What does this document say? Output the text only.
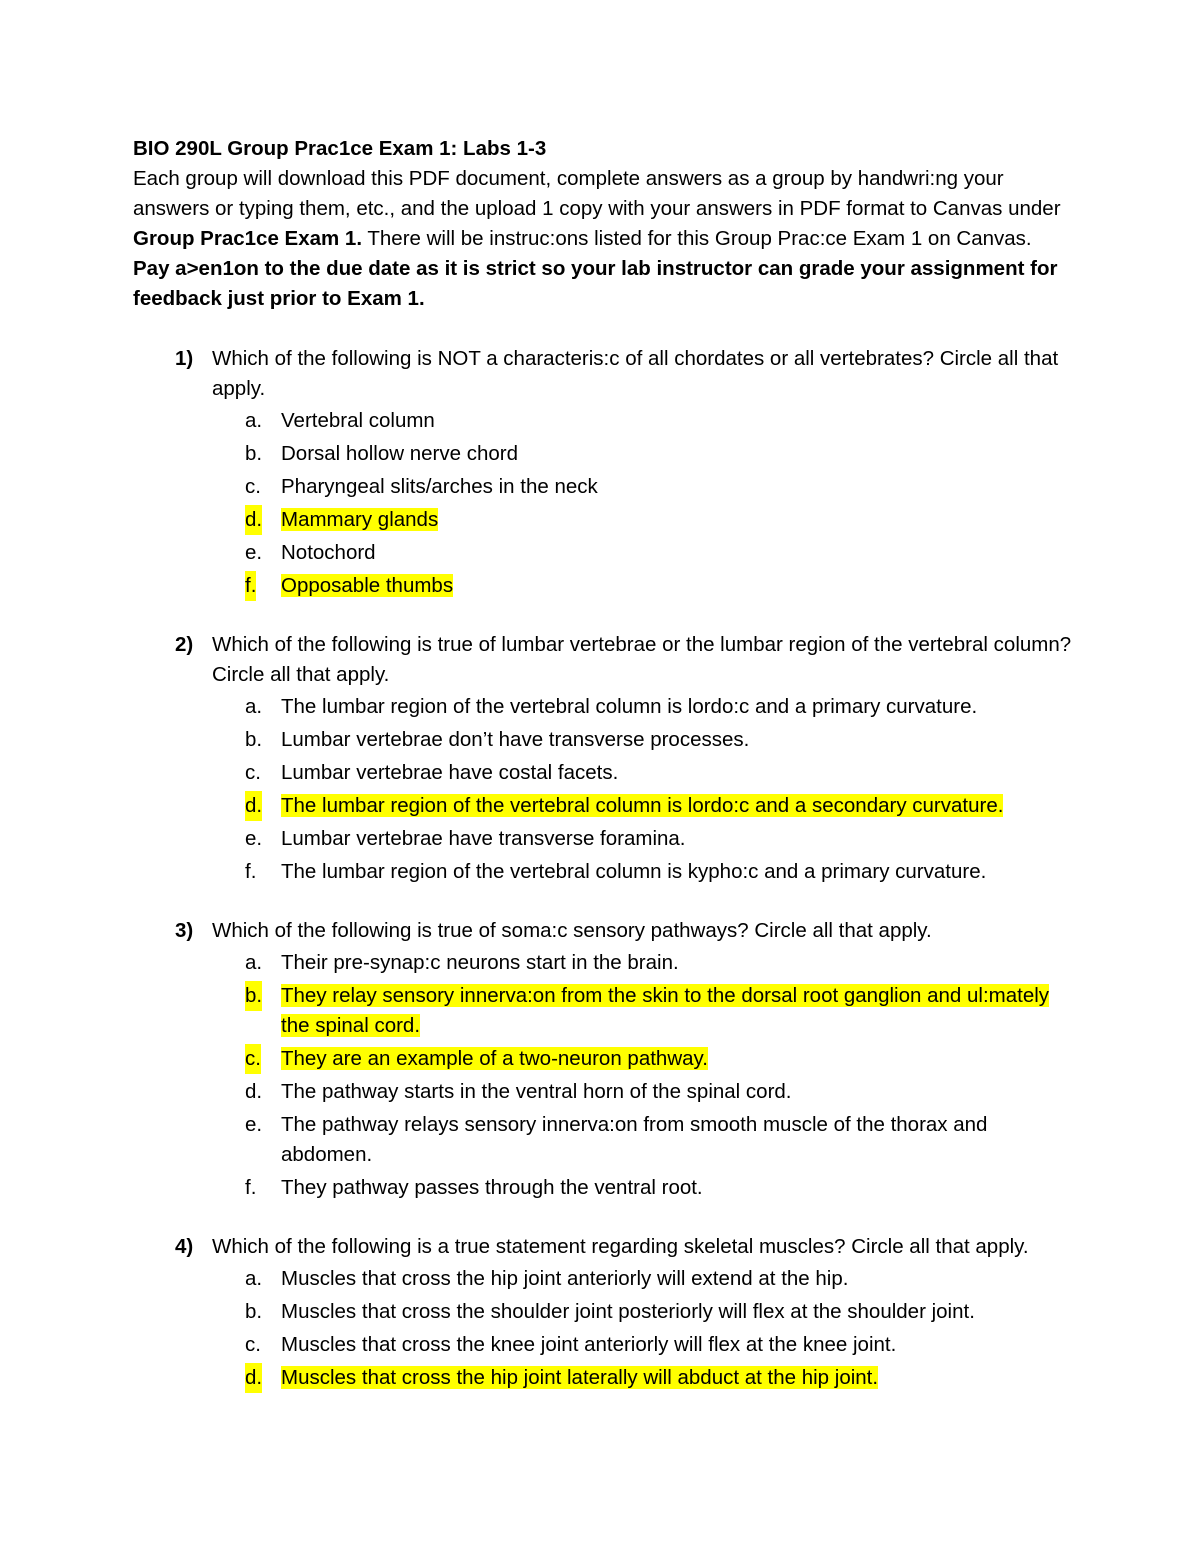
BIO 290L Group Prac1ce Exam 1: Labs 1-3
Each group will download this PDF document, complete answers as a group by handwri:ng your answers or typing them, etc., and the upload 1 copy with your answers in PDF format to Canvas under Group Prac1ce Exam 1. There will be instruc:ons listed for this Group Prac:ce Exam 1 on Canvas. Pay a>en1on to the due date as it is strict so your lab instructor can grade your assignment for feedback just prior to Exam 1.
1) Which of the following is NOT a characteris:c of all chordates or all vertebrates? Circle all that apply.
a. Vertebral column
b. Dorsal hollow nerve chord
c. Pharyngeal slits/arches in the neck
d. Mammary glands
e. Notochord
f. Opposable thumbs
2) Which of the following is true of lumbar vertebrae or the lumbar region of the vertebral column? Circle all that apply.
a. The lumbar region of the vertebral column is lordo:c and a primary curvature.
b. Lumbar vertebrae don’t have transverse processes.
c. Lumbar vertebrae have costal facets.
d. The lumbar region of the vertebral column is lordo:c and a secondary curvature.
e. Lumbar vertebrae have transverse foramina.
f. The lumbar region of the vertebral column is kypho:c and a primary curvature.
3) Which of the following is true of soma:c sensory pathways? Circle all that apply.
a. Their pre-synap:c neurons start in the brain.
b. They relay sensory innerva:on from the skin to the dorsal root ganglion and ul:mately the spinal cord.
c. They are an example of a two-neuron pathway.
d. The pathway starts in the ventral horn of the spinal cord.
e. The pathway relays sensory innerva:on from smooth muscle of the thorax and abdomen.
f. They pathway passes through the ventral root.
4) Which of the following is a true statement regarding skeletal muscles? Circle all that apply.
a. Muscles that cross the hip joint anteriorly will extend at the hip.
b. Muscles that cross the shoulder joint posteriorly will flex at the shoulder joint.
c. Muscles that cross the knee joint anteriorly will flex at the knee joint.
d. Muscles that cross the hip joint laterally will abduct at the hip joint.
